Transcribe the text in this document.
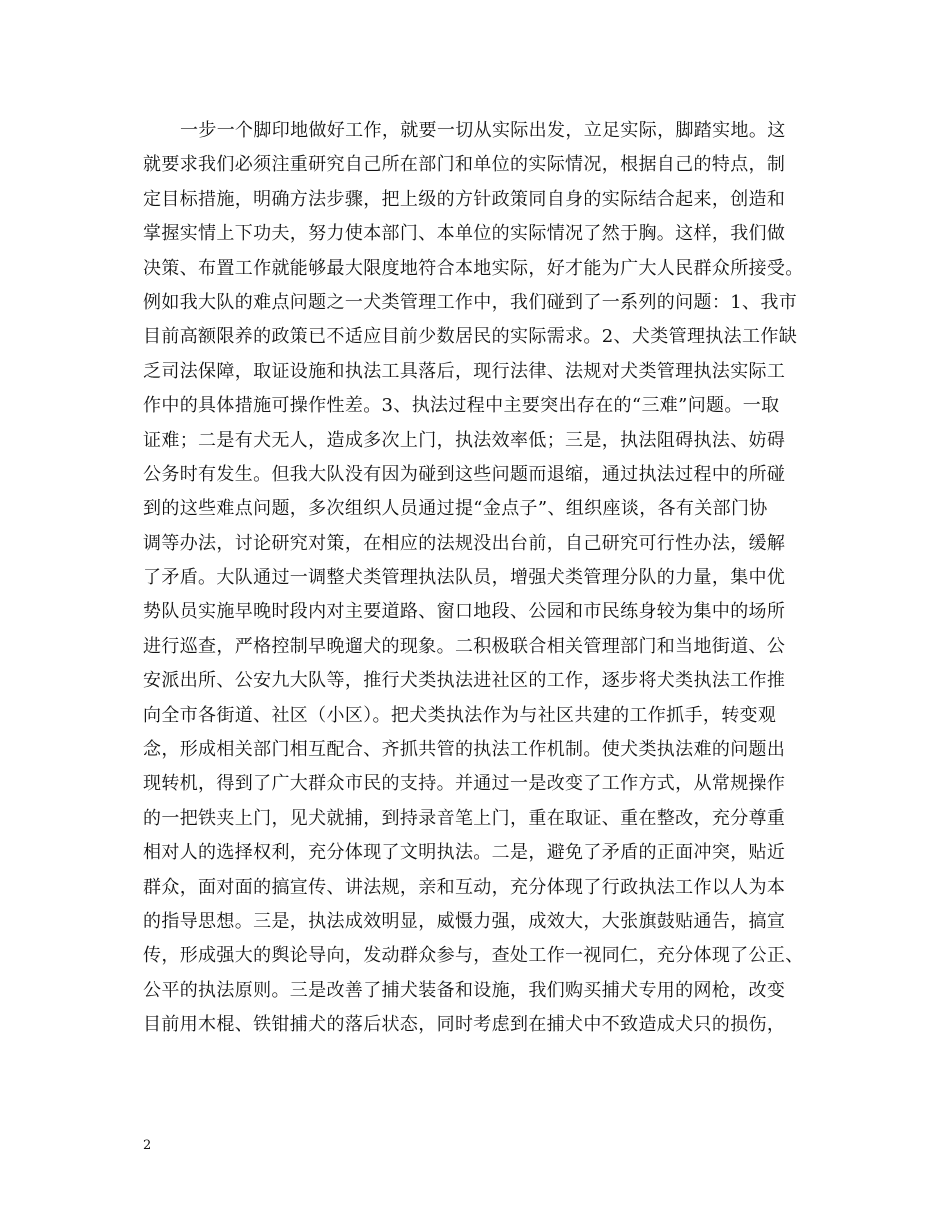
一步一个脚印地做好工作，就要一切从实际出发，立足实际，脚踏实地。这
就要求我们必须注重研究自己所在部门和单位的实际情况，根据自己的特点，制
定目标措施，明确方法步骤，把上级的方针政策同自身的实际结合起来，创造和
掌握实情上下功夫，努力使本部门、本单位的实际情况了然于胸。这样，我们做
决策、布置工作就能够最大限度地符合本地实际，好才能为广大人民群众所接受。
例如我大队的难点问题之一犬类管理工作中，我们碰到了一系列的问题：1、我市
目前高额限养的政策已不适应目前少数居民的实际需求。2、犬类管理执法工作缺
乏司法保障，取证设施和执法工具落后，现行法律、法规对犬类管理执法实际工
作中的具体措施可操作性差。3、执法过程中主要突出存在的“三难”问题。一取
证难；二是有犬无人，造成多次上门，执法效率低；三是，执法阻碍执法、妨碍
公务时有发生。但我大队没有因为碰到这些问题而退缩，通过执法过程中的所碰
到的这些难点问题，多次组织人员通过提“金点子”、组织座谈，各有关部门协
调等办法，讨论研究对策，在相应的法规没出台前，自己研究可行性办法，缓解
了矛盾。大队通过一调整犬类管理执法队员，增强犬类管理分队的力量，集中优
势队员实施早晚时段内对主要道路、窗口地段、公园和市民练身较为集中的场所
进行巡查，严格控制早晚遛犬的现象。二积极联合相关管理部门和当地街道、公
安派出所、公安九大队等，推行犬类执法进社区的工作，逐步将犬类执法工作推
向全市各街道、社区（小区）。把犬类执法作为与社区共建的工作抓手，转变观
念，形成相关部门相互配合、齐抓共管的执法工作机制。使犬类执法难的问题出
现转机，得到了广大群众市民的支持。并通过一是改变了工作方式，从常规操作
的一把铁夹上门，见犬就捕，到持录音笔上门，重在取证、重在整改，充分尊重
相对人的选择权利，充分体现了文明执法。二是，避免了矛盾的正面冲突，贴近
群众，面对面的搞宣传、讲法规，亲和互动，充分体现了行政执法工作以人为本
的指导思想。三是，执法成效明显，威慑力强，成效大，大张旗鼓贴通告，搞宣
传，形成强大的舆论导向，发动群众参与，查处工作一视同仁，充分体现了公正、
公平的执法原则。三是改善了捕犬装备和设施，我们购买捕犬专用的网枪，改变
目前用木棍、铁钳捕犬的落后状态，同时考虑到在捕犬中不致造成犬只的损伤，
2
